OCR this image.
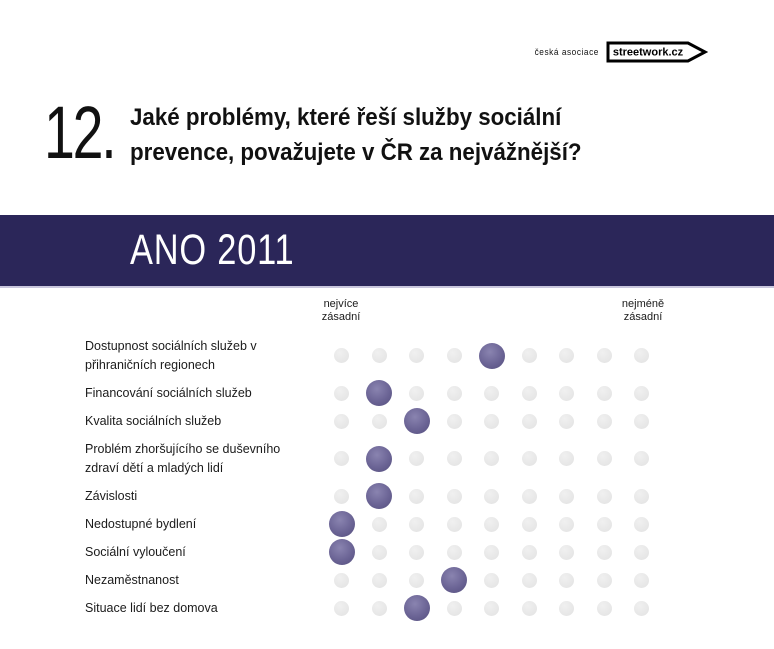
česká asociace streetwork.cz
12. Jaké problémy, které řeší služby sociální
prevence, považujete v ČR za nejvážnější?
ANO 2011
nejvíce zásadní
nejméně zásadní
Dostupnost sociálních služeb v přihraničních regionech
Financování sociálních služeb
Kvalita sociálních služeb
Problém zhoršujícího se duševního zdraví dětí a mladých lidí
Závislosti
Nedostupné bydlení
Sociální vyloučení
Nezaměstnanost
Situace lidí bez domova
